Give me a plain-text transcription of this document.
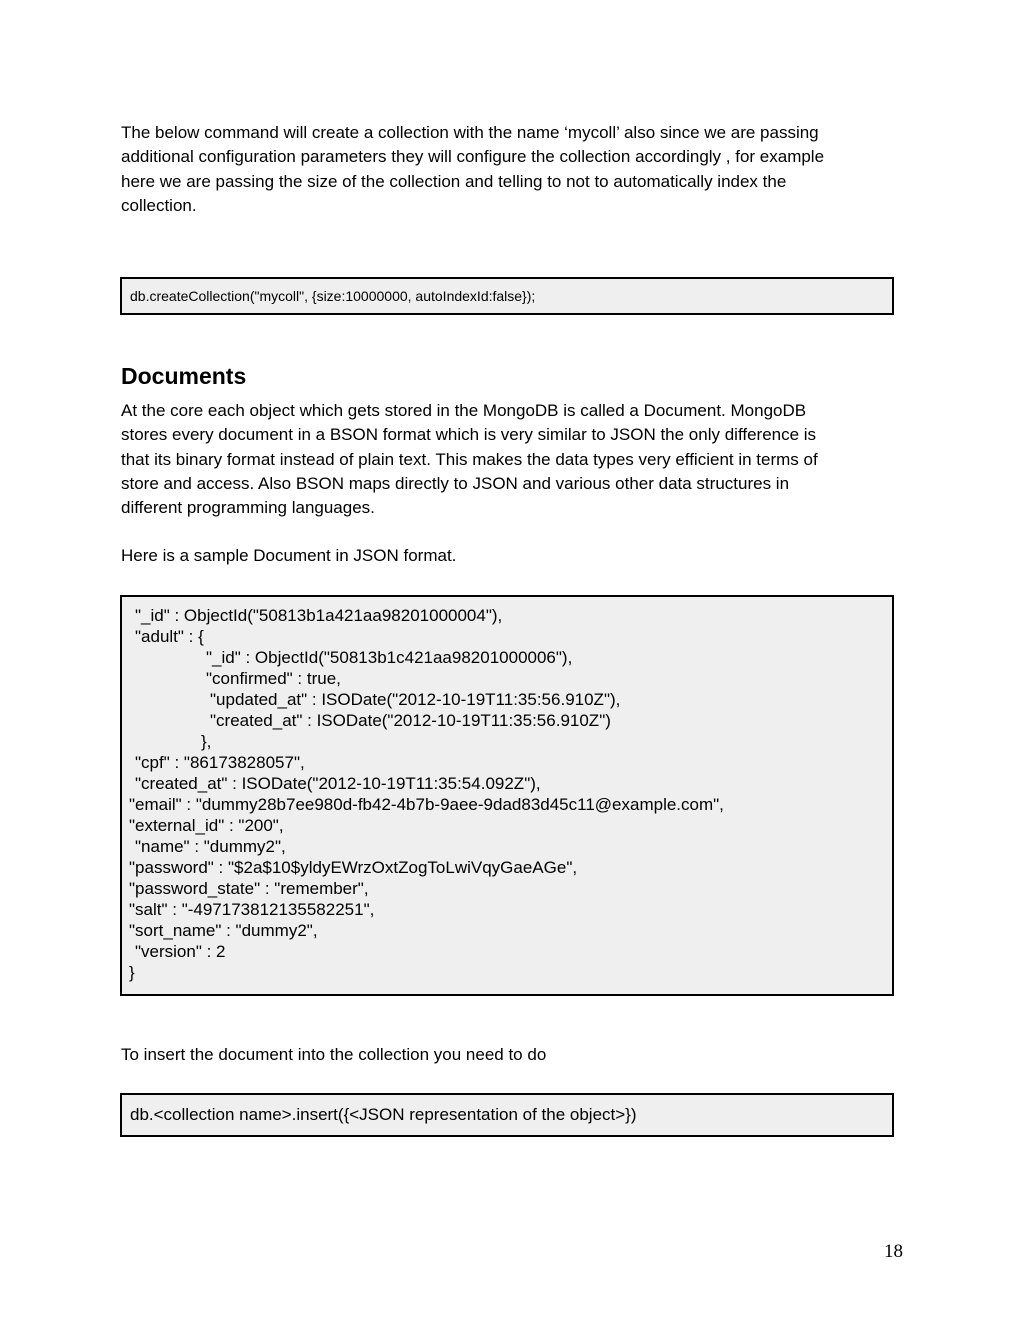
The below command will create a collection with the name ‘mycoll’ also since we are passing
additional configuration parameters they will configure the collection accordingly , for example
here we are passing the size of the collection and telling to not to automatically index the
collection.
db.createCollection("mycoll", {size:10000000, autoIndexId:false});
Documents
At the core each object which gets stored in the MongoDB is called a Document. MongoDB
stores every document in a BSON format which is very similar to JSON the only difference is
that its binary format instead of plain text. This makes the data types very efficient in terms of
store and access. Also BSON maps directly to JSON and various other data structures in
different programming languages.
Here is a sample Document in JSON format.
"_id" : ObjectId("50813b1a421aa98201000004"),
"adult" : {
"_id" : ObjectId("50813b1c421aa98201000006"),
"confirmed" : true,
"updated_at" : ISODate("2012-10-19T11:35:56.910Z"),
"created_at" : ISODate("2012-10-19T11:35:56.910Z")
},
"cpf" : "86173828057",
"created_at" : ISODate("2012-10-19T11:35:54.092Z"),
"email" : "dummy28b7ee980d-fb42-4b7b-9aee-9dad83d45c11@example.com",
"external_id" : "200",
"name" : "dummy2",
"password" : "$2a$10$yldyEWrzOxtZogToLwiVqyGaeAGe",
"password_state" : "remember",
"salt" : "-497173812135582251",
"sort_name" : "dummy2",
"version" : 2
}
To insert the document into the collection you need to do
db.<collection name>.insert({<JSON representation of the object>})
18
